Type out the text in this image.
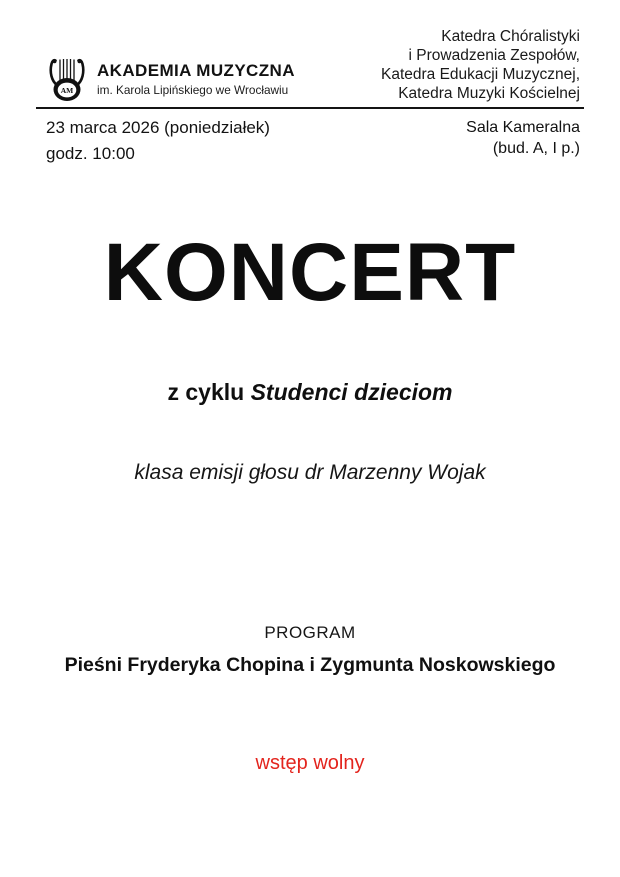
Katedra Chóralistyki
i Prowadzenia Zespołów,
Katedra Edukacji Muzycznej,
Katedra Muzyki Kościelnej
AM
AKADEMIA MUZYCZNA
im. Karola Lipińskiego we Wrocławiu
23 marca 2026 (poniedziałek)
godz. 10:00
Sala Kameralna
(bud. A, I p.)
KONCERT
z cyklu Studenci dzieciom
klasa emisji głosu dr Marzenny Wojak
PROGRAM
Pieśni Fryderyka Chopina i Zygmunta Noskowskiego
wstęp wolny
